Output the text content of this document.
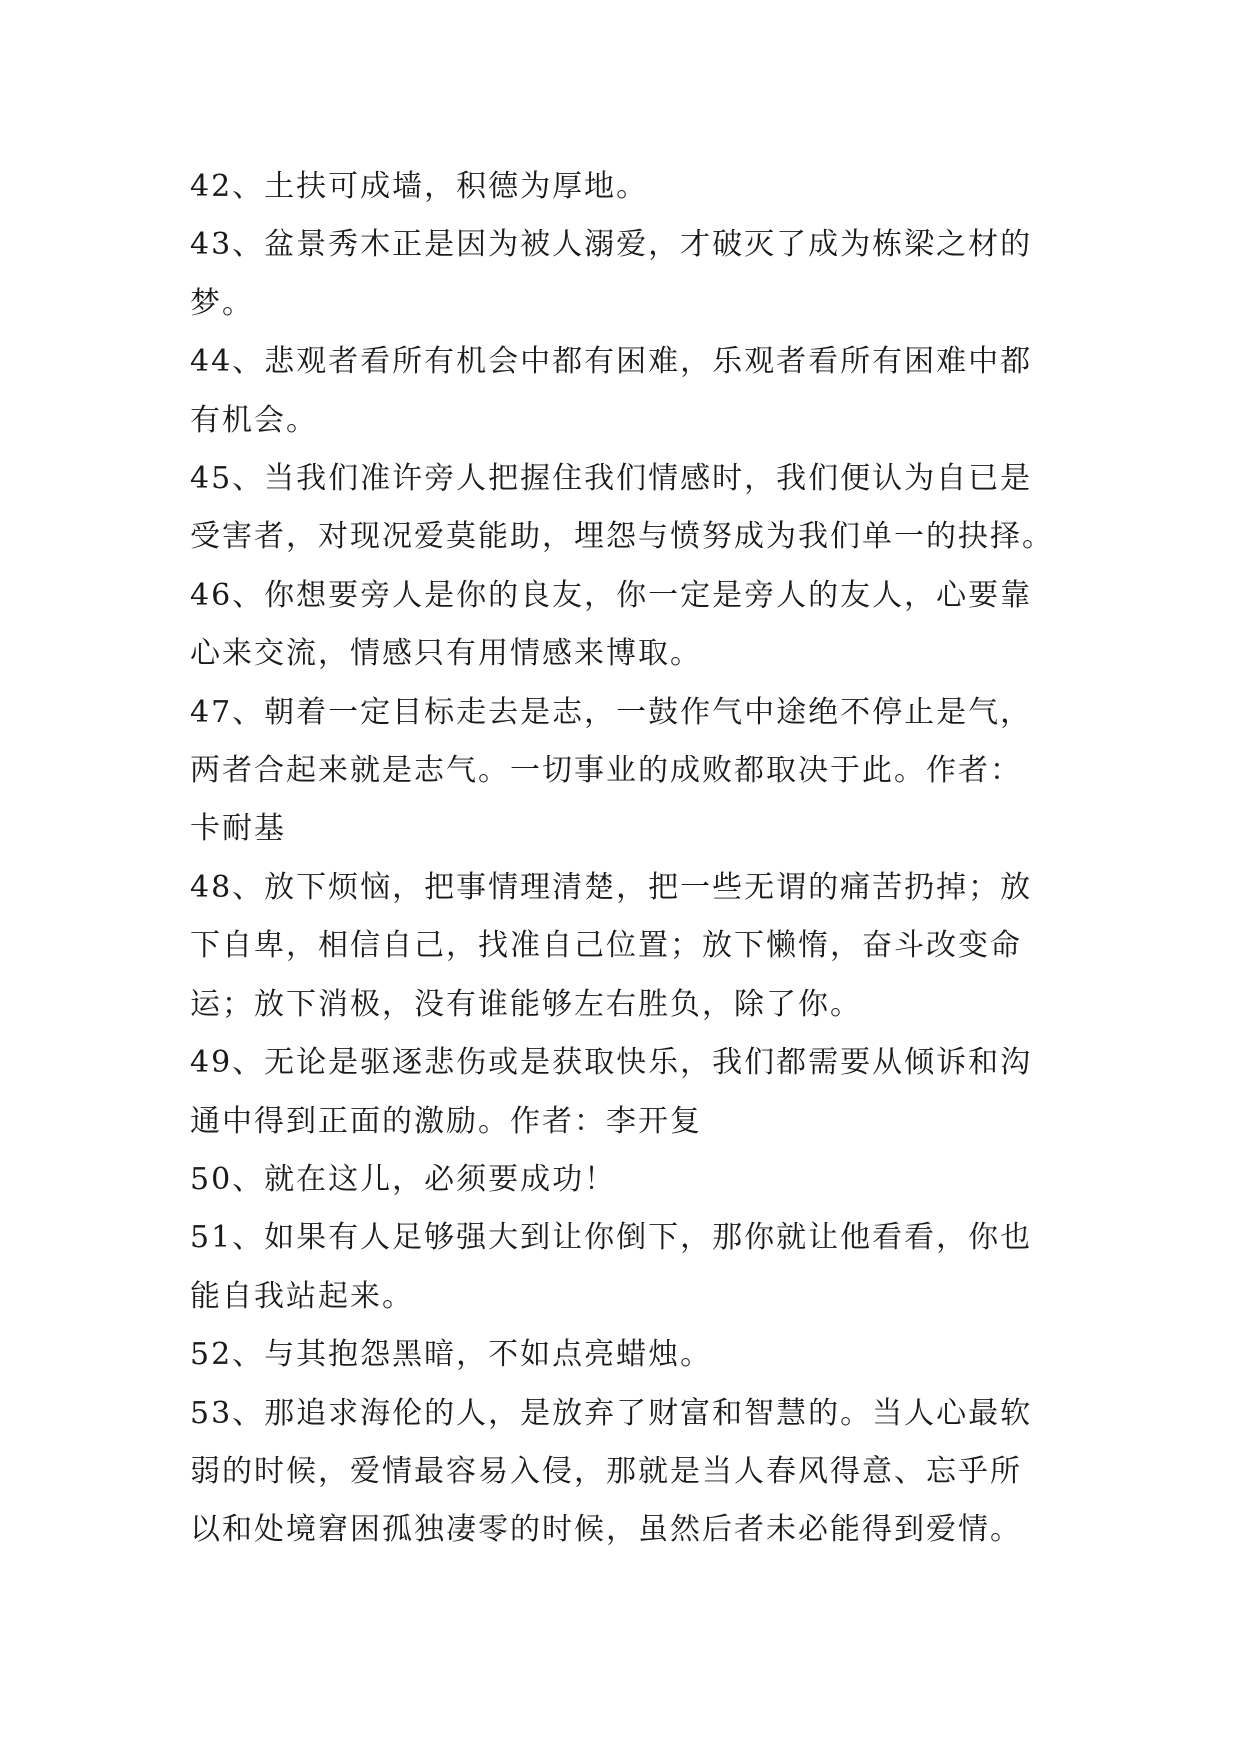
42、土扶可成墙，积德为厚地。

43、盆景秀木正是因为被人溺爱，才破灭了成为栋梁之材的

梦。

44、悲观者看所有机会中都有困难，乐观者看所有困难中都

有机会。

45、当我们准许旁人把握住我们情感时，我们便认为自已是

受害者，对现况爱莫能助，埋怨与愤努成为我们单一的抉择。

46、你想要旁人是你的良友，你一定是旁人的友人，心要靠

心来交流，情感只有用情感来博取。

47、朝着一定目标走去是志，一鼓作气中途绝不停止是气，

两者合起来就是志气。一切事业的成败都取决于此。作者：

卡耐基

48、放下烦恼，把事情理清楚，把一些无谓的痛苦扔掉；放

下自卑，相信自己，找准自己位置；放下懒惰，奋斗改变命

运；放下消极，没有谁能够左右胜负，除了你。

49、无论是驱逐悲伤或是获取快乐，我们都需要从倾诉和沟

通中得到正面的激励。作者：李开复

50、就在这儿，必须要成功！

51、如果有人足够强大到让你倒下，那你就让他看看，你也

能自我站起来。

52、与其抱怨黑暗，不如点亮蜡烛。

53、那追求海伦的人，是放弃了财富和智慧的。当人心最软

弱的时候，爱情最容易入侵，那就是当人春风得意、忘乎所

以和处境窘困孤独凄零的时候，虽然后者未必能得到爱情。
